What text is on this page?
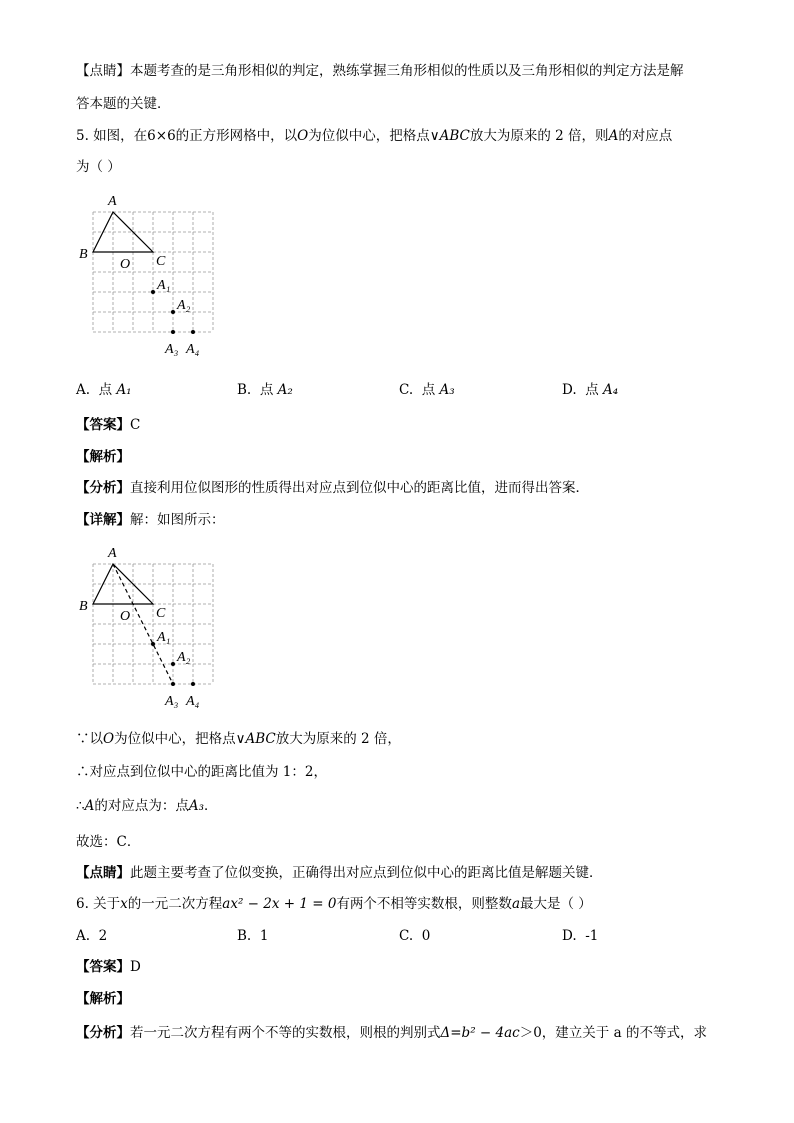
【点睛】本题考查的是三角形相似的判定，熟练掌握三角形相似的性质以及三角形相似的判定方法是解
答本题的关键．
5. 如图，在6×6的正方形网格中，以O为位似中心，把格点∨ABC放大为原来的 2 倍，则A的对应点
为（ ）
A
B
O C
A₁
A₂
A₃ A₄
A. 点 A₁	B. 点 A₂	C. 点 A₃	D. 点 A₄
【答案】C
【解析】
【分析】直接利用位似图形的性质得出对应点到位似中心的距离比值，进而得出答案．
【详解】解：如图所示：
A
B
O C
A₁
A₂
A₃ A₄
∵以O为位似中心，把格点∨ABC放大为原来的 2 倍，
∴对应点到位似中心的距离比值为 1：2，
∴A的对应点为：点A₃．
故选：C．
【点睛】此题主要考查了位似变换，正确得出对应点到位似中心的距离比值是解题关键．
6. 关于x的一元二次方程ax² − 2x + 1 = 0有两个不相等实数根，则整数a最大是（ ）
A. 2	B. 1	C. 0	D. -1
【答案】D
【解析】
【分析】若一元二次方程有两个不等的实数根，则根的判别式Δ=b² − 4ac＞0，建立关于 a 的不等式，求
